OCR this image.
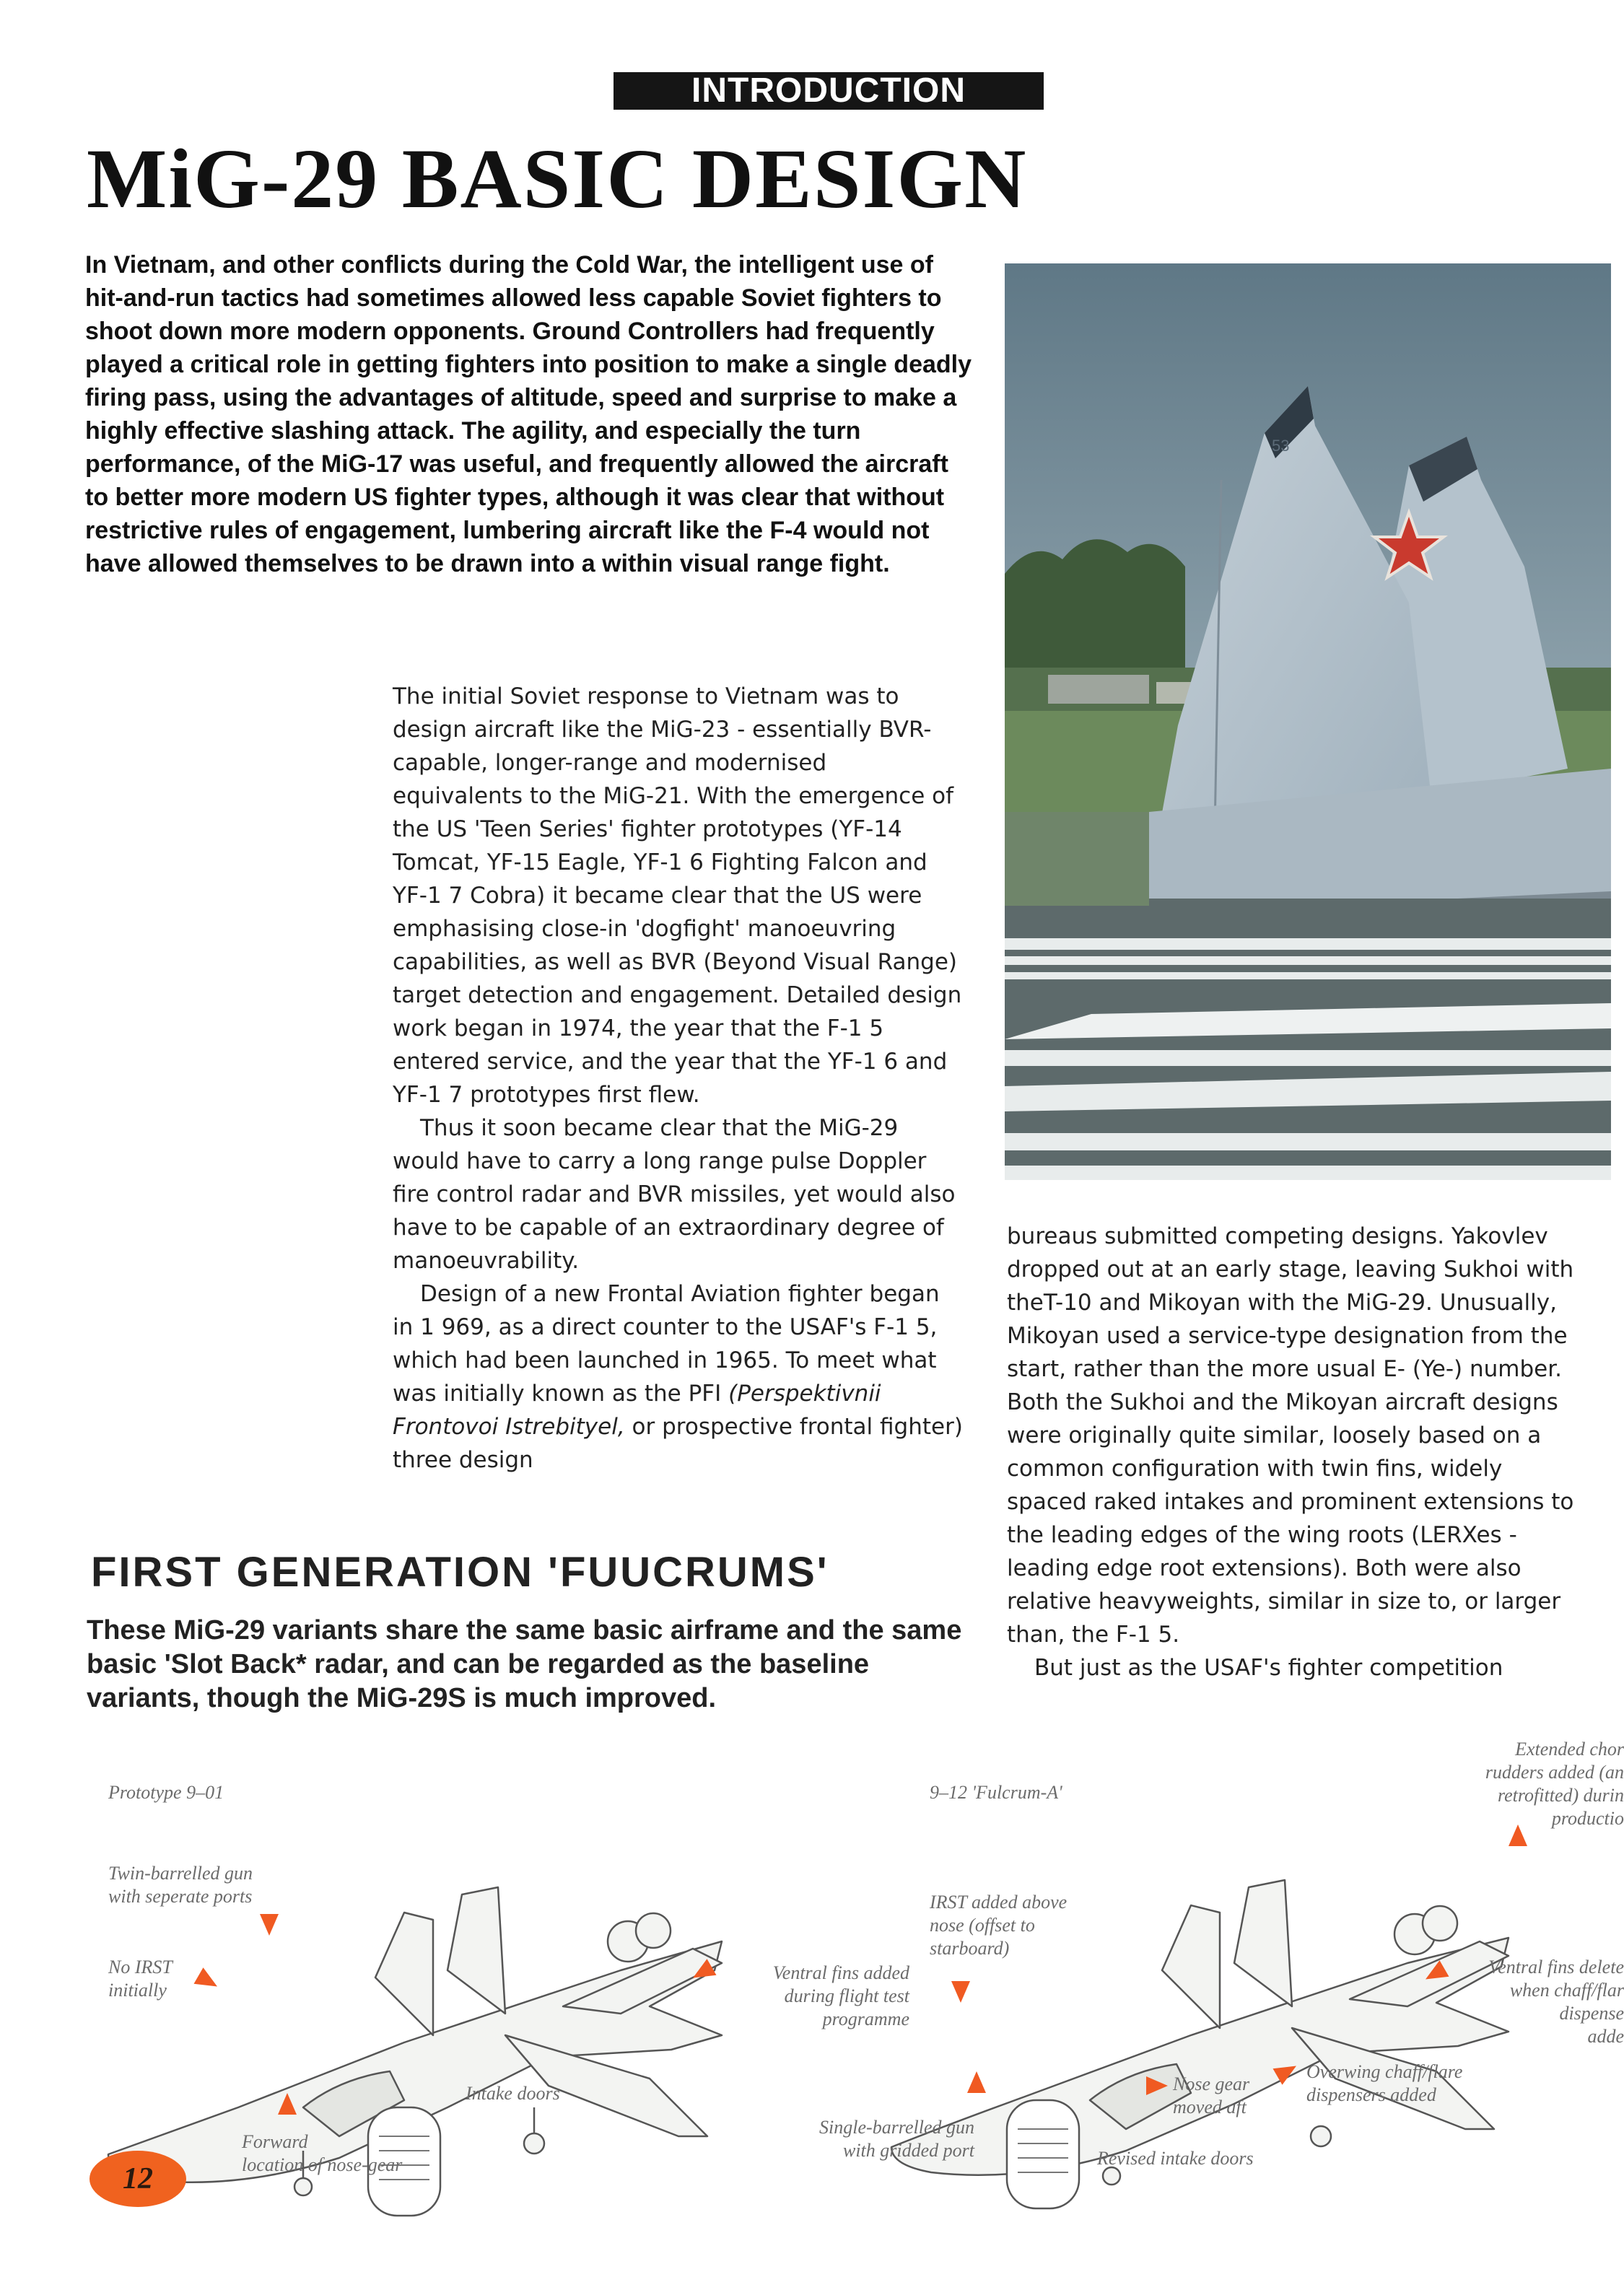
INTRODUCTION
MiG-29 BASIC DESIGN

In Vietnam, and other conflicts during the Cold War, the intelligent use of hit-and-run tactics had sometimes allowed less capable Soviet fighters to shoot down more modern opponents. Ground Controllers had frequently played a critical role in getting fighters into position to make a single deadly firing pass, using the advantages of altitude, speed and surprise to make a highly effective slashing attack. The agility, and especially the turn performance, of the MiG-17 was useful, and frequently allowed the aircraft to better more modern US fighter types, although it was clear that without restrictive rules of engagement, lumbering aircraft like the F-4 would not have allowed themselves to be drawn into a within visual range fight.

53

The initial Soviet response to Vietnam was to design aircraft like the MiG-23 - essentially BVR-capable, longer-range and modernised equivalents to the MiG-21. With the emergence of the US 'Teen Series' fighter prototypes (YF-14 Tomcat, YF-15 Eagle, YF-1 6 Fighting Falcon and YF-1 7 Cobra) it became clear that the US were emphasising close-in 'dogfight' manoeuvring capabilities, as well as BVR (Beyond Visual Range) target detection and engagement. Detailed design work began in 1974, the year that the F-1 5 entered service, and the year that the YF-1 6 and YF-1 7 prototypes first flew.

Thus it soon became clear that the MiG-29 would have to carry a long range pulse Doppler fire control radar and BVR missiles, yet would also have to be capable of an extraordinary degree of manoeuvrability.

Design of a new Frontal Aviation fighter began in 1 969, as a direct counter to the USAF's F-1 5, which had been launched in 1965. To meet what was initially known as the PFI (Perspektivnii Frontovoi Istrebityel, or prospective frontal fighter) three design

bureaus submitted competing designs. Yakovlev dropped out at an early stage, leaving Sukhoi with theT-10 and Mikoyan with the MiG-29. Unusually, Mikoyan used a service-type designation from the start, rather than the more usual E- (Ye-) number. Both the Sukhoi and the Mikoyan aircraft designs were originally quite similar, loosely based on a common configuration with twin fins, widely spaced raked intakes and prominent extensions to the leading edges of the wing roots (LERXes - leading edge root extensions). Both were also relative heavyweights, similar in size to, or larger than, the F-1 5.

But just as the USAF's fighter competition

FIRST GENERATION 'FUUCRUMS'

These MiG-29 variants share the same basic airframe and the same basic 'Slot Back* radar, and can be regarded as the baseline variants, though the MiG-29S is much improved.

Prototype 9–01
Twin-barrelled gun
with seperate ports
No IRST
initially
Ventral fins added
during flight test
programme
Intake doors
Forward
location of nose-gear
9–12 'Fulcrum-A'
IRST added above
nose (offset to
starboard)
Single-barrelled gun
with gridded port	Revised intake doors
Nose gear
moved aft
Overwing chaff/flare
dispensers added
Ventral fins delete
when chaff/flar
dispense
adde
Extended chor
rudders added (an
retrofitted) durin
productio
12
